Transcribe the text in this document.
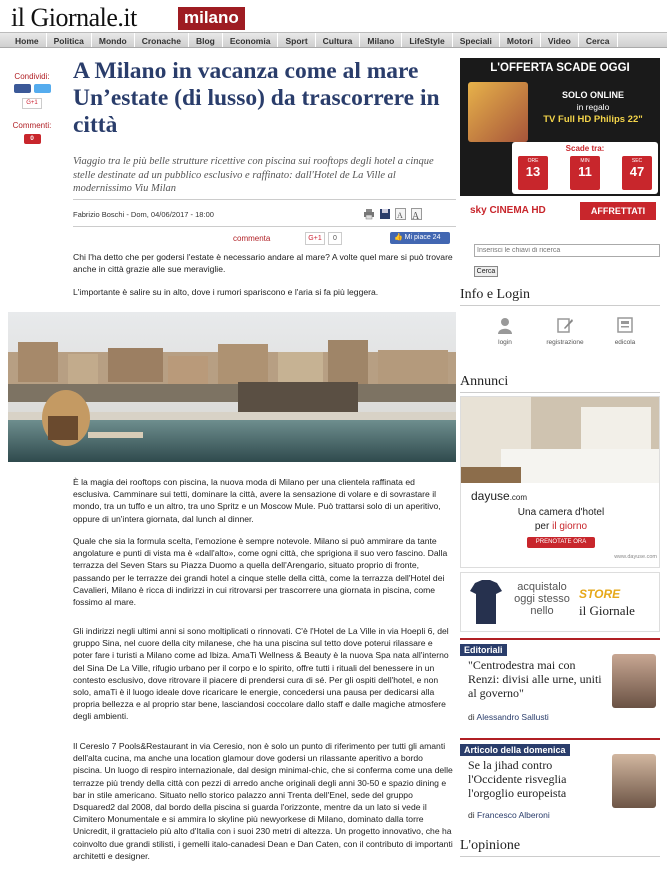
il Giornale.it	milano
Home	Politica	Mondo	Cronache	Blog	Economia	Sport	Cultura	Milano	LifeStyle	Speciali	Motori	Video	Cerca
Condividi:
G+1
Commenti:
0
A Milano in vacanza come al mare Un’estate (di lusso) da trascorrere in città

Viaggio tra le più belle strutture ricettive con piscina sui rooftops degli hotel a cinque stelle destinate ad un pubblico esclusivo e raffinato: dall'Hotel de La Ville al modernissimo Viu Milan

Fabrizio Boschi - Dom, 04/06/2017 - 18:00	A A
commenta	G+1	0	👍 Mi piace 24

Chi l'ha detto che per godersi l'estate è necessario andare al mare? A volte quel mare si può trovare anche in città grazie alle sue meraviglie.

L'importante è salire su in alto, dove i rumori spariscono e l'aria si fa più leggera.

È la magia dei rooftops con piscina, la nuova moda di Milano per una clientela raffinata ed esclusiva. Camminare sui tetti, dominare la città, avere la sensazione di volare e di sovrastare il mondo, tra un tuffo e un altro, tra uno Spritz e un Moscow Mule. Può trattarsi solo di un aperitivo, oppure di un'intera giornata, dal lunch al dinner.

Quale che sia la formula scelta, l'emozione è sempre notevole. Milano si può ammirare da tante angolature e punti di vista ma è «dall'alto», come ogni città, che sprigiona il suo vero fascino. Dalla terrazza del Seven Stars su Piazza Duomo a quella dell'Arengario, situato proprio di fronte, passando per le terrazze dei grandi hotel a cinque stelle della città, come la terrazza dell'Hotel dei Cavalieri, Milano è ricca di indirizzi in cui ritrovarsi per trascorrere una giornata in piscina, come fossimo al mare.

Gli indirizzi negli ultimi anni si sono moltiplicati o rinnovati. C'è l'Hotel de La Ville in via Hoepli 6, del gruppo Sina, nel cuore della city milanese, che ha una piscina sul tetto dove poterui rilassare e poter fare i turisti a Milano come ad Ibiza. AmaTi Wellness & Beauty è la nuova Spa nata all'interno del Sina De La Ville, rifugio urbano per il corpo e lo spirito, offre tutti i rituali del benessere in un contesto esclusivo, dove ritrovare il piacere di prendersi cura di sé. Per gli ospiti dell'hotel, e non solo, amaTi è il luogo ideale dove ricaricare le energie, concedersi una pausa per dedicarsi alla propria bellezza e al proprio star bene, lasciandosi coccolare dallo staff e dalle magiche atmosfere degli ambienti.

Il Cereslo 7 Pools&Restaurant in via Ceresio, non è solo un punto di riferimento per tutti gli amanti dell'alta cucina, ma anche una location glamour dove godersi un rilassante aperitivo a bordo piscina. Un luogo di respiro internazionale, dal design minimal-chic, che si conferma come una delle terrazze più trendy della città con pezzi di arredo anche originali degli anni 30-50 e spazio dining e bar in stile americano. Situato nello storico palazzo anni Trenta dell'Enel, sede del gruppo Dsquared2 dal 2008, dal bordo della piscina si guarda l'orizzonte, mentre da un lato si vede il Cimitero Monumentale e si ammira lo skyline più newyorkese di Milano, dominato dalla torre Unicredit, il grattacielo più alto d'Italia con i suoi 230 metri di altezza. Un progetto innovativo, che ha coinvolto due grandi stilisti, i gemelli italo-canadesi Dean e Dan Caten, con il contributo di importanti architetti e designer.

L'OFFERTA SCADE OGGI
SOLO ONLINE
in regalo
TV Full HD Philips 22"
Scade tra:
ORE
13
MIN
11
SEC
47
sky CINEMA HD	AFFRETTATI
Inserisci le chiavi di ricerca
Cerca
Info e Login
login	registrazione	edicola
Annunci
dayuse.com
Una camera d'hotel
per il giorno
PRENOTATE ORA
www.dayuse.com
acquistalo
oggi stesso
nello
STORE
il Giornale
Editoriali
"Centrodestra mai con Renzi: divisi alle urne, uniti al governo"
di Alessandro Sallusti
Articolo della domenica
Se la jihad contro l'Occidente risveglia l'orgoglio europeista
di Francesco Alberoni
L'opinione
